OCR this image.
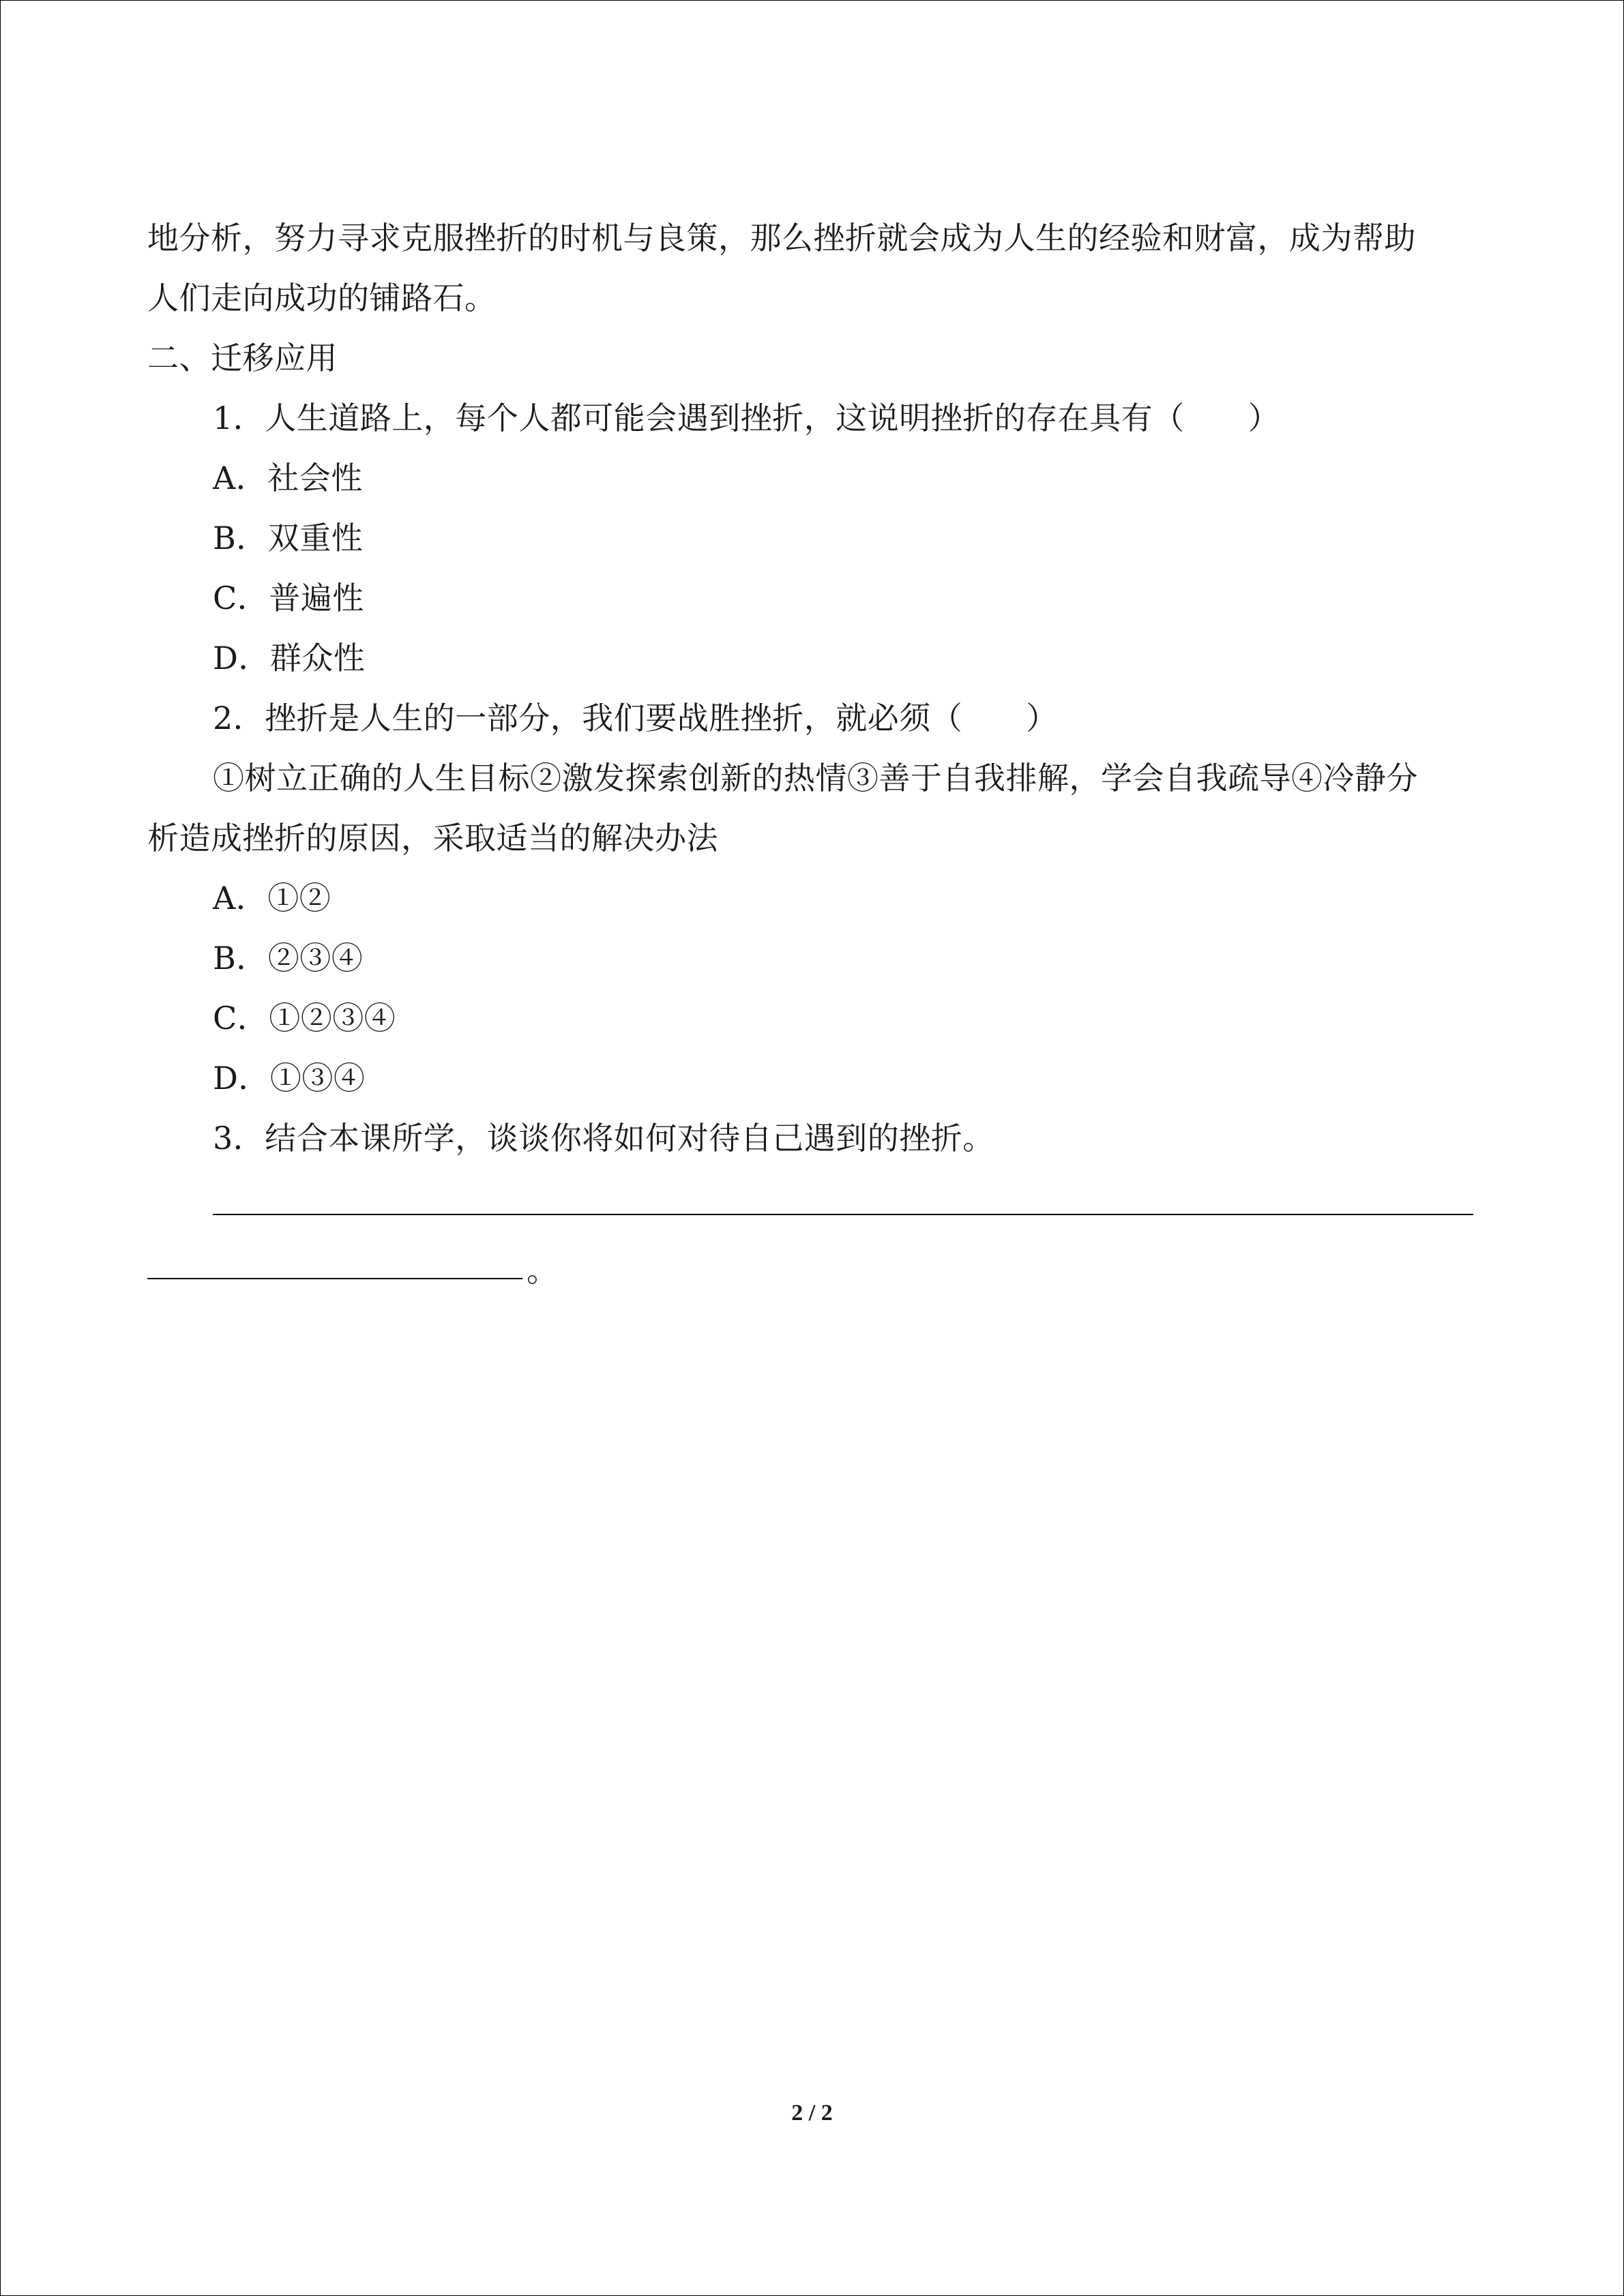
地分析，努力寻求克服挫折的时机与良策，那么挫折就会成为人生的经验和财富，成为帮助
人们走向成功的铺路石。
二、迁移应用
1．人生道路上，每个人都可能会遇到挫折，这说明挫折的存在具有（　　）
A．社会性
B．双重性
C．普遍性
D．群众性
2．挫折是人生的一部分，我们要战胜挫折，就必须（　　）
①树立正确的人生目标②激发探索创新的热情③善于自我排解，学会自我疏导④冷静分
析造成挫折的原因，采取适当的解决办法
A．①②
B．②③④
C．①②③④
D．①③④
3．结合本课所学，谈谈你将如何对待自己遇到的挫折。
。
2 / 2
